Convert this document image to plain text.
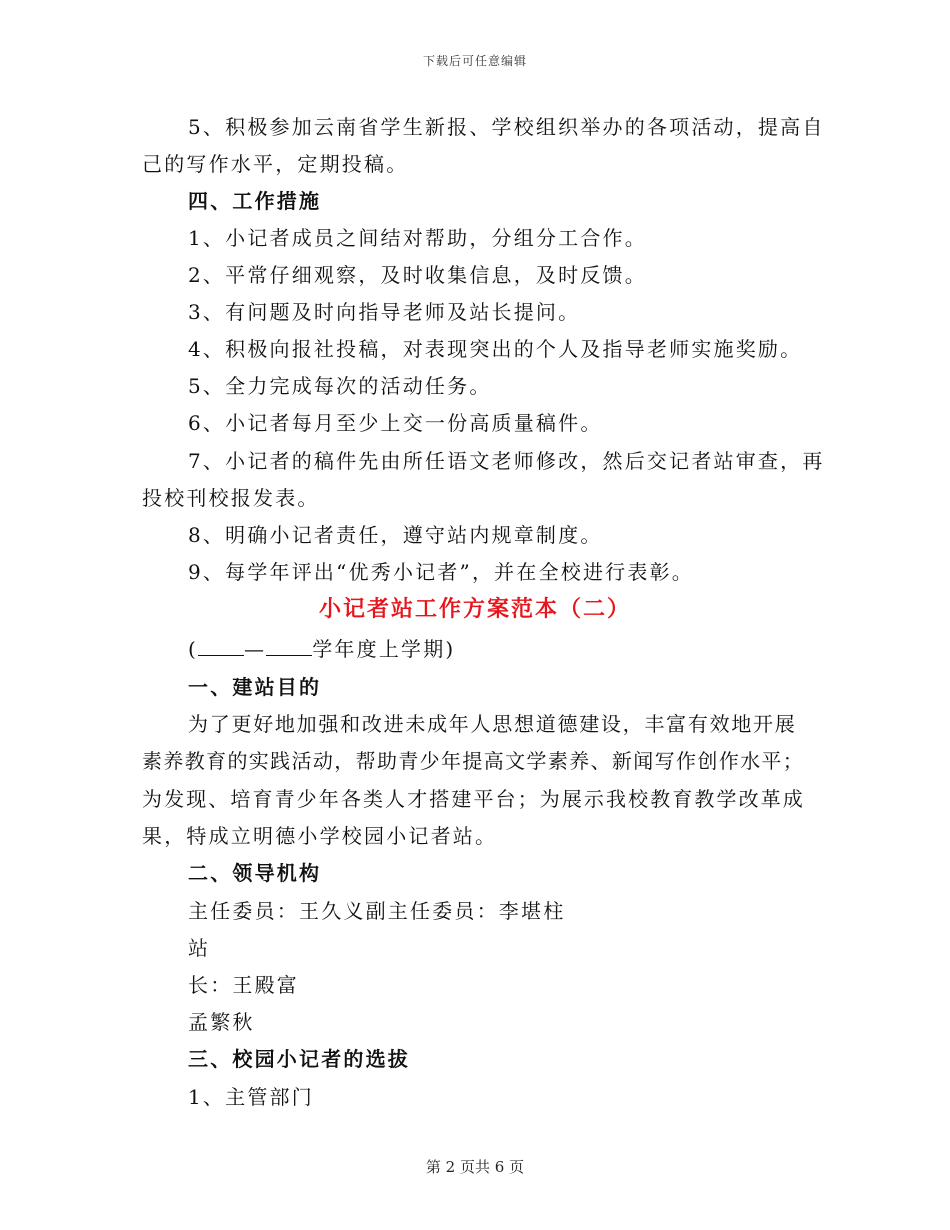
下载后可任意编辑
5、积极参加云南省学生新报、学校组织举办的各项活动，提高自
己的写作水平，定期投稿。
四、工作措施
1、小记者成员之间结对帮助，分组分工合作。
2、平常仔细观察，及时收集信息，及时反馈。
3、有问题及时向指导老师及站长提问。
4、积极向报社投稿，对表现突出的个人及指导老师实施奖励。
5、全力完成每次的活动任务。
6、小记者每月至少上交一份高质量稿件。
7、小记者的稿件先由所任语文老师修改，然后交记者站审查，再
投校刊校报发表。
8、明确小记者责任，遵守站内规章制度。
9、每学年评出“优秀小记者”，并在全校进行表彰。
小记者站工作方案范本（二）
( — 学年度上学期)
一、建站目的
为了更好地加强和改进未成年人思想道德建设，丰富有效地开展
素养教育的实践活动，帮助青少年提高文学素养、新闻写作创作水平；
为发现、培育青少年各类人才搭建平台；为展示我校教育教学改革成
果，特成立明德小学校园小记者站。
二、领导机构
主任委员：王久义副主任委员：李堪柱
站
长：王殿富
孟繁秋
三、校园小记者的选拔
1、主管部门
第 2 页共 6 页
